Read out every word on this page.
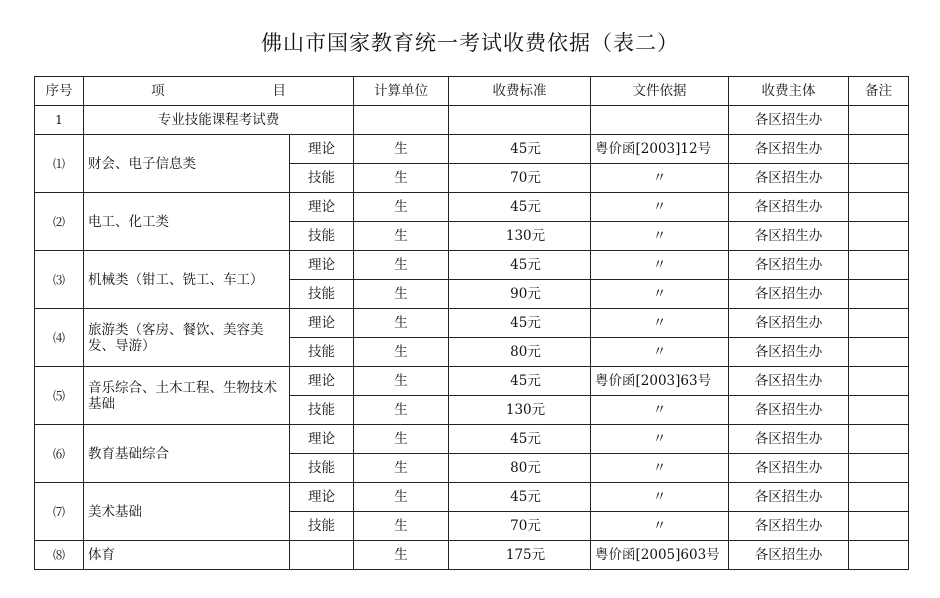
佛山市国家教育统一考试收费依据（表二）
序号	项　　　　　　　　目		计算单位	收费标准	文件依据	收费主体	备注
1	专业技能课程考试费					各区招生办	
⑴	财会、电子信息类	理论	生	45元	粤价函[2003]12号	各区招生办	
		技能	生	70元	〃	各区招生办	
⑵	电工、化工类	理论	生	45元	〃	各区招生办	
		技能	生	130元	〃	各区招生办	
⑶	机械类（钳工、铣工、车工）	理论	生	45元	〃	各区招生办	
		技能	生	90元	〃	各区招生办	
⑷	旅游类（客房、餐饮、美容美发、导游）	理论	生	45元	〃	各区招生办	
		技能	生	80元	〃	各区招生办	
⑸	音乐综合、土木工程、生物技术基础	理论	生	45元	粤价函[2003]63号	各区招生办	
		技能	生	130元	〃	各区招生办	
⑹	教育基础综合	理论	生	45元	〃	各区招生办	
		技能	生	80元	〃	各区招生办	
⑺	美术基础	理论	生	45元	〃	各区招生办	
		技能	生	70元	〃	各区招生办	
⑻	体育		生	175元	粤价函[2005]603号	各区招生办	
